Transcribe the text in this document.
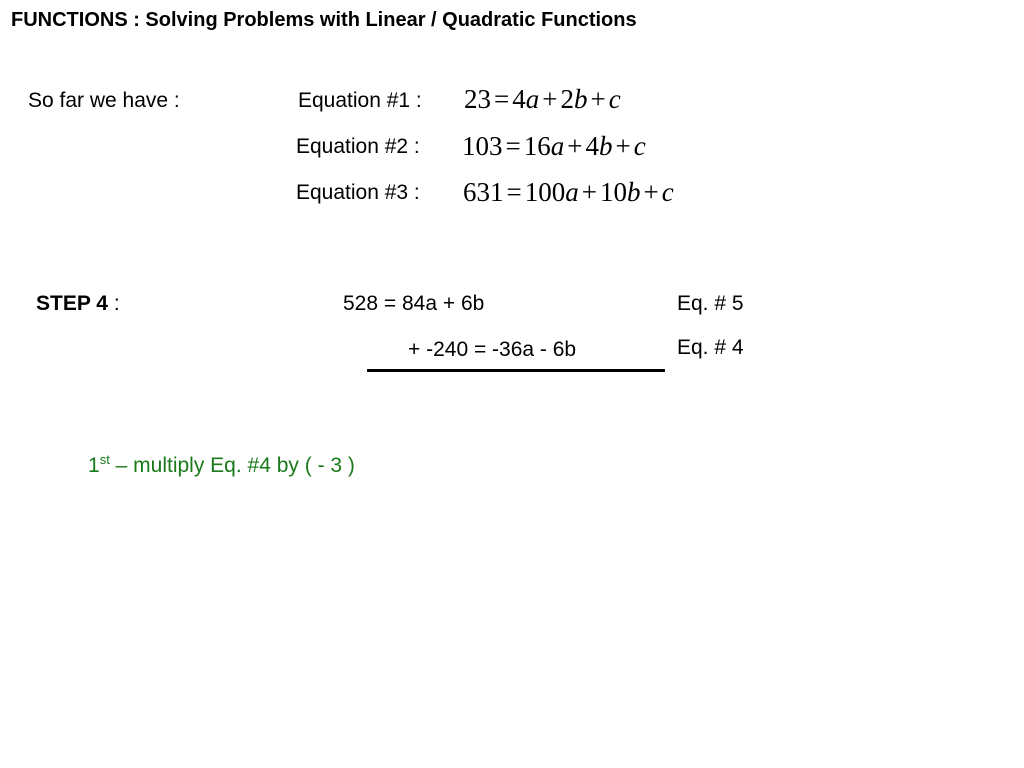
FUNCTIONS : Solving Problems with Linear / Quadratic Functions
So far we have :	Equation #1 : 23 = 4a + 2b + c
Equation #2 : 103 = 16a + 4b + c
Equation #3 : 631 = 100a + 10b + c
STEP 4 :	528 = 84a + 6b
+ -240 = -36a - 6b
Eq. # 5
Eq. # 4
1st – multiply Eq. #4 by ( - 3 )
